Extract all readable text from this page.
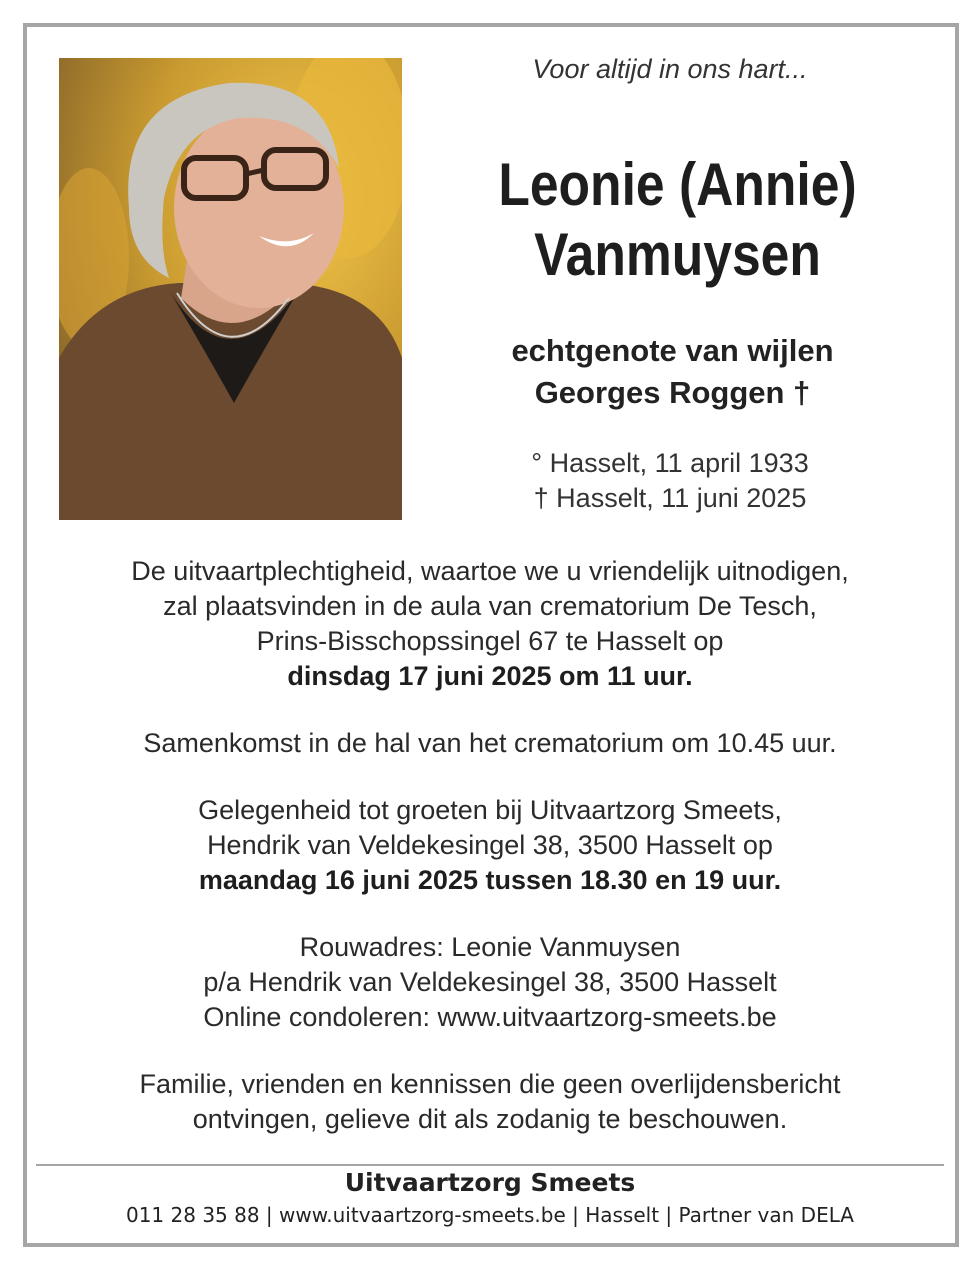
Voor altijd in ons hart...
Leonie (Annie)
Vanmuysen
echtgenote van wijlen
Georges Roggen †
° Hasselt, 11 april 1933
† Hasselt, 11 juni 2025

De uitvaartplechtigheid, waartoe we u vriendelijk uitnodigen,

zal plaatsvinden in de aula van crematorium De Tesch,

Prins-Bisschopssingel 67 te Hasselt op

dinsdag 17 juni 2025 om 11 uur.

Samenkomst in de hal van het crematorium om 10.45 uur.

Gelegenheid tot groeten bij Uitvaartzorg Smeets,

Hendrik van Veldekesingel 38, 3500 Hasselt op

maandag 16 juni 2025 tussen 18.30 en 19 uur.

Rouwadres: Leonie Vanmuysen

p/a Hendrik van Veldekesingel 38, 3500 Hasselt

Online condoleren: www.uitvaartzorg-smeets.be

Familie, vrienden en kennissen die geen overlijdensbericht

ontvingen, gelieve dit als zodanig te beschouwen.

Uitvaartzorg Smeets
011 28 35 88 | www.uitvaartzorg-smeets.be | Hasselt | Partner van DELA
